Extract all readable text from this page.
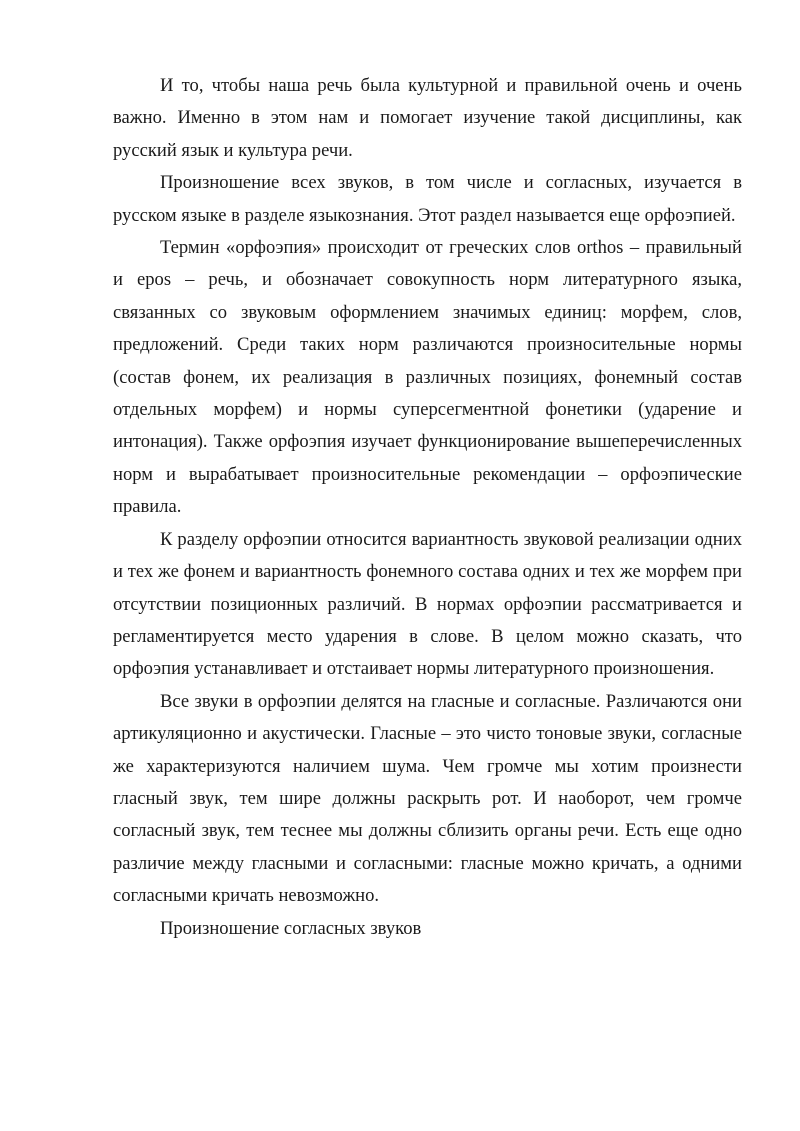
И то, чтобы наша речь была культурной и правильной очень и очень важно. Именно в этом нам и помогает изучение такой дисциплины, как русский язык и культура речи.

Произношение всех звуков, в том числе и согласных, изучается в русском языке в разделе языкознания. Этот раздел называется еще орфоэпией.

Термин «орфоэпия» происходит от греческих слов orthos – правильный и epos – речь, и обозначает совокупность норм литературного языка, связанных со звуковым оформлением значимых единиц: морфем, слов, предложений. Среди таких норм различаются произносительные нормы (состав фонем, их реализация в различных позициях, фонемный состав отдельных морфем) и нормы суперсегментной фонетики (ударение и интонация). Также орфоэпия изучает функционирование вышеперечисленных норм и вырабатывает произносительные рекомендации – орфоэпические правила.

К разделу орфоэпии относится вариантность звуковой реализации одних и тех же фонем и вариантность фонемного состава одних и тех же морфем при отсутствии позиционных различий. В нормах орфоэпии рассматривается и регламентируется место ударения в слове. В целом можно сказать, что орфоэпия устанавливает и отстаивает нормы литературного произношения.

Все звуки в орфоэпии делятся на гласные и согласные. Различаются они артикуляционно и акустически. Гласные – это чисто тоновые звуки, согласные же характеризуются наличием шума. Чем громче мы хотим произнести гласный звук, тем шире должны раскрыть рот. И наоборот, чем громче согласный звук, тем теснее мы должны сблизить органы речи. Есть еще одно различие между гласными и согласными: гласные можно кричать, а одними согласными кричать невозможно.

Произношение согласных звуков
